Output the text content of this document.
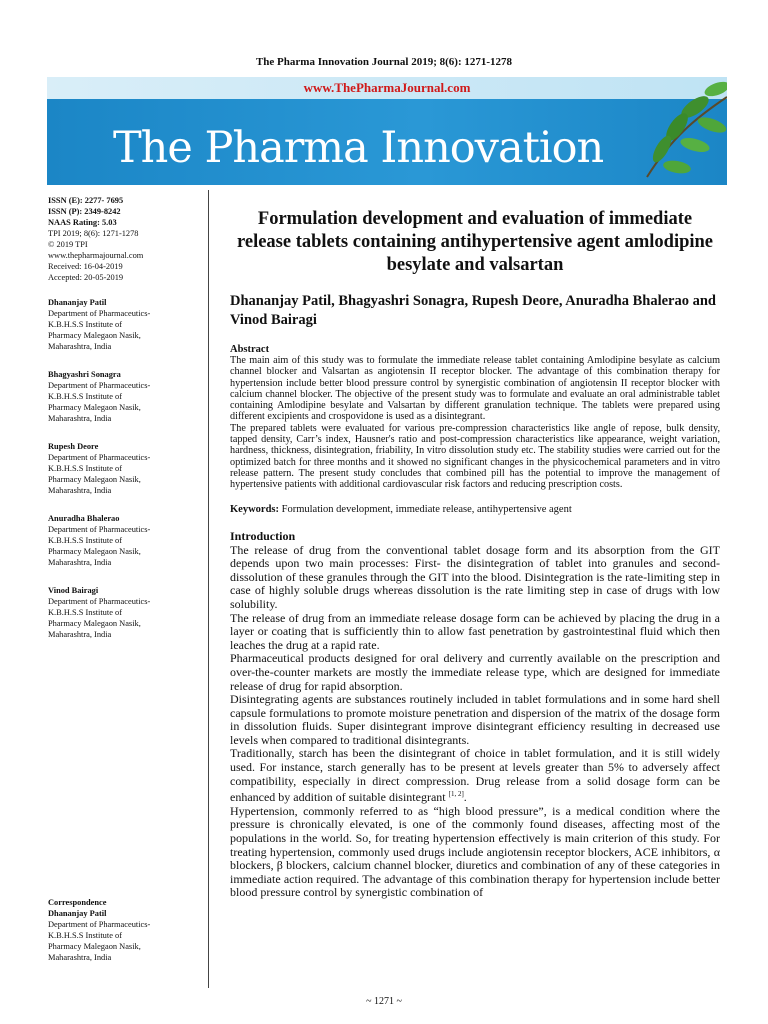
The Pharma Innovation Journal 2019; 8(6): 1271-1278
www.ThePharmaJournal.com
The Pharma Innovation
ISSN (E): 2277- 7695
ISSN (P): 2349-8242
NAAS Rating: 5.03
TPI 2019; 8(6): 1271-1278
© 2019 TPI
www.thepharmajournal.com
Received: 16-04-2019
Accepted: 20-05-2019
Dhananjay Patil
Department of Pharmaceutics-
K.B.H.S.S Institute of
Pharmacy Malegaon Nasik,
Maharashtra, India
Bhagyashri Sonagra
Department of Pharmaceutics-
K.B.H.S.S Institute of
Pharmacy Malegaon Nasik,
Maharashtra, India
Rupesh Deore
Department of Pharmaceutics-
K.B.H.S.S Institute of
Pharmacy Malegaon Nasik,
Maharashtra, India
Anuradha Bhalerao
Department of Pharmaceutics-
K.B.H.S.S Institute of
Pharmacy Malegaon Nasik,
Maharashtra, India
Vinod Bairagi
Department of Pharmaceutics-
K.B.H.S.S Institute of
Pharmacy Malegaon Nasik,
Maharashtra, India
Correspondence
Dhananjay Patil
Department of Pharmaceutics-
K.B.H.S.S Institute of
Pharmacy Malegaon Nasik,
Maharashtra, India
Formulation development and evaluation of immediate release tablets containing antihypertensive agent amlodipine besylate and valsartan
Dhananjay Patil, Bhagyashri Sonagra, Rupesh Deore, Anuradha Bhalerao and Vinod Bairagi
Abstract

The main aim of this study was to formulate the immediate release tablet containing Amlodipine besylate as calcium channel blocker and Valsartan as angiotensin II receptor blocker. The advantage of this combination therapy for hypertension include better blood pressure control by synergistic combination of angiotensin II receptor blocker with calcium channel blocker. The objective of the present study was to formulate and evaluate an oral administrable tablet containing Amlodipine besylate and Valsartan by different granulation technique. The tablets were prepared using different excipients and crospovidone is used as a disintegrant.

The prepared tablets were evaluated for various pre-compression characteristics like angle of repose, bulk density, tapped density, Carr’s index, Hausner's ratio and post-compression characteristics like appearance, weight variation, hardness, thickness, disintegration, friability, In vitro dissolution study etc. The stability studies were carried out for the optimized batch for three months and it showed no significant changes in the physicochemical parameters and in vitro release pattern. The present study concludes that combined pill has the potential to improve the management of hypertensive patients with additional cardiovascular risk factors and reducing prescription costs.

Keywords: Formulation development, immediate release, antihypertensive agent
Introduction

The release of drug from the conventional tablet dosage form and its absorption from the GIT depends upon two main processes: First- the disintegration of tablet into granules and second- dissolution of these granules through the GIT into the blood. Disintegration is the rate-limiting step in case of highly soluble drugs whereas dissolution is the rate limiting step in case of drugs with low solubility.

The release of drug from an immediate release dosage form can be achieved by placing the drug in a layer or coating that is sufficiently thin to allow fast penetration by gastrointestinal fluid which then leaches the drug at a rapid rate.

Pharmaceutical products designed for oral delivery and currently available on the prescription and over-the-counter markets are mostly the immediate release type, which are designed for immediate release of drug for rapid absorption.

Disintegrating agents are substances routinely included in tablet formulations and in some hard shell capsule formulations to promote moisture penetration and dispersion of the matrix of the dosage form in dissolution fluids. Super disintegrant improve disintegrant efficiency resulting in decreased use levels when compared to traditional disintegrants.

Traditionally, starch has been the disintegrant of choice in tablet formulation, and it is still widely used. For instance, starch generally has to be present at levels greater than 5% to adversely affect compatibility, especially in direct compression. Drug release from a solid dosage form can be enhanced by addition of suitable disintegrant [1, 2].

Hypertension, commonly referred to as “high blood pressure”, is a medical condition where the pressure is chronically elevated, is one of the commonly found diseases, affecting most of the populations in the world. So, for treating hypertension effectively is main criterion of this study. For treating hypertension, commonly used drugs include angiotensin receptor blockers, ACE inhibitors, α blockers, β blockers, calcium channel blocker, diuretics and combination of any of these categories in immediate action required. The advantage of this combination therapy for hypertension include better blood pressure control by synergistic combination of

~ 1271 ~
